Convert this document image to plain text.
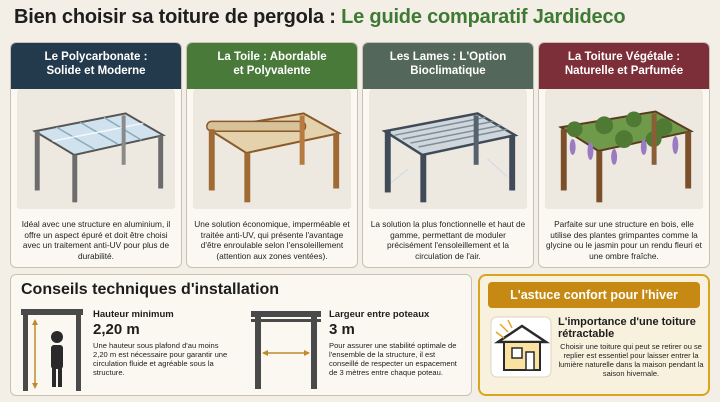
Bien choisir sa toiture de pergola : Le guide comparatif Jardideco
Le Polycarbonate :
Solide et Moderne
Idéal avec une structure en aluminium, il offre un aspect épuré et doit être choisi avec un traitement anti-UV pour plus de durabilité.
La Toile : Abordable
et Polyvalente
Une solution économique, imperméable et traitée anti-UV, qui présente l'avantage d'être enroulable selon l'ensoleillement (attention aux zones ventées).
Les Lames : L'Option
Bioclimatique
La solution la plus fonctionnelle et haut de gamme, permettant de moduler précisément l'ensoleillement et la circulation de l'air.
La Toiture Végétale :
Naturelle et Parfumée
Parfaite sur une structure en bois, elle utilise des plantes grimpantes comme la glycine ou le jasmin pour un rendu fleuri et une ombre fraîche.
Conseils techniques d'installation
Hauteur minimum
2,20 m
Une hauteur sous plafond d'au moins 2,20 m est nécessaire pour garantir une circulation fluide et agréable sous la structure.
Largeur entre poteaux
3 m
Pour assurer une stabilité optimale de l'ensemble de la structure, il est conseillé de respecter un espacement de 3 mètres entre chaque poteau.
L'astuce confort pour l'hiver
L'importance d'une toiture rétractable
Choisir une toiture qui peut se retirer ou se replier est essentiel pour laisser entrer la lumière naturelle dans la maison pendant la saison hivernale.
